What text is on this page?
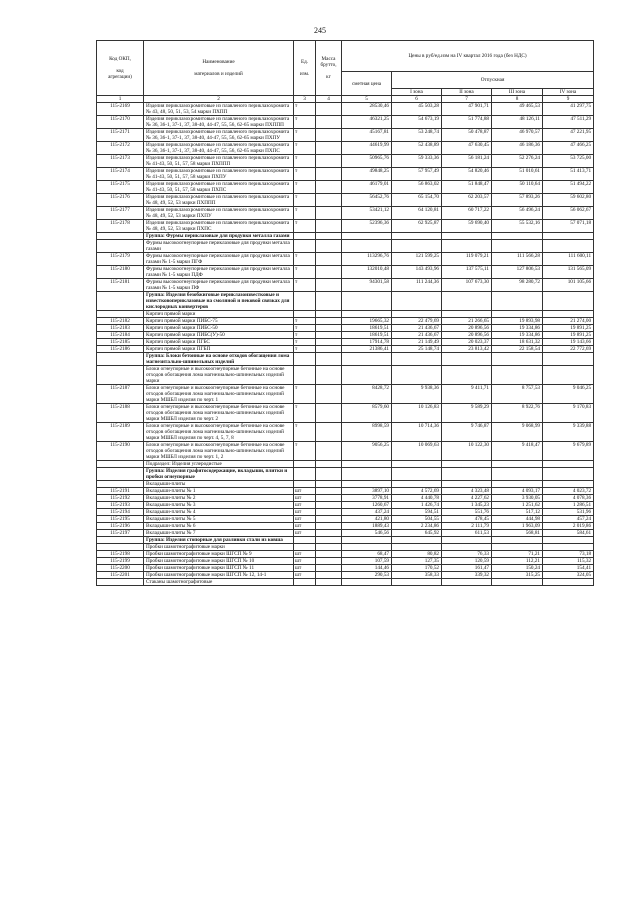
245
Код ОКП,

код
агрегации)	Наименование

материалов и изделий	Ед.

изм.	Масса
брутто,

кг	Цены в руб/ед.изм на IV квартал 2016 года (без НДС)				
				сметная цена	Отпускная			
					I зона	II зона	III зона	IV зона

1	2	3	4	5	6	7	8	9
115-2169	Изделия периклазохромитовые из плавленого периклазохромита № 43, 48, 50, 51, 53, 54 марки ПХПП	т		28530,46	45 503,28	47 901,71	49 465,53	41 297,75
115-2170	Изделия периклазохромитовые из плавленого периклазохромита № 36, 36-1, 37-1, 37, 38-40, 44-47, 55, 56, 62-65 марки ПХППП	т		46321,25	54 673,19	51 774,88	48 126,11	47 511,29
115-2171	Изделия периклазохромитовые из плавленого периклазохромита № 36, 36-1, 37-1, 37, 38-40, 44-47, 55, 56, 62-65 марки ПХПУ	т		45167,81	53 248,74	50 478,87	46 970,57	47 221,95
115-2172	Изделия периклазохромитовые из плавленого периклазохромита № 36, 36-1, 37-1, 37, 38-40, 44-47, 55, 56, 62-65 марки ПХПС	т		44619,99	52 438,89	47 630,45	46 186,36	47 466,25
115-2173	Изделия периклазохромитовые из плавленого периклазохромита № 41-43, 50, 51, 57, 58 марки ПХППП	т		50965,76	59 333,36	56 181,24	52 276,24	53 725,00
115-2174	Изделия периклазохромитовые из плавленого периклазохромита № 41-43, 50, 51, 57, 58 марки ПХПУ	т		49848,25	57 957,49	54 820,46	51 010,61	51 413,71
115-2175	Изделия периклазохромитовые из плавленого периклазохромита № 41-43, 50, 51, 57, 58 марки ПХПС	т		46179,01	56 863,02	51 848,47	50 110,64	51 494,22
115-2176	Изделия периклазохромитовые из плавленого периклазохромита № 48, 49, 52, 53 марки ПХППП	т		56452,76	65 154,70	62 203,57	57 893,26	59 602,80
115-2177	Изделия периклазохромитовые из плавленого периклазохромита № 48, 49, 52, 53 марки ПХПУ	т		53421,12	64 120,81	60 717,22	56 496,24	56 062,67
115-2178	Изделия периклазохромитовые из плавленого периклазохромита № 48, 49, 52, 53 марки ПХПС	т		52396,36	62 925,87	59 690,40	55 532,16	57 071,18
	Группа: Фурмы периклазовые для продувки металла газами							
	Фурмы высокоогнеупорные периклазовые для продувки металла газами							
115-2179	Фурмы высокоогнеупорные периклазовые для продувки металла газами № 1-5 марки ПГФ	т		113296,76	121 599,25	119 079,21	111 566,28	111 600,11
115-2180	Фурмы высокоогнеупорные периклазовые для продувки металла газами № 1-5 марки ПДФ	т		132010,48	143 493,96	137 575,11	127 806,53	131 565,09
115-2181	Фурмы высокоогнеупорные периклазовые для продувки металла газами № 1-5 марки ПФ	т		94301,58	111 244,36	107 673,30	98 280,72	101 105,66
	Группа: Изделия безобжиговые периклазоизвестковые и известковопериклазовые на смоляной и пековой связках для кислородных конвертеров							
	Кирпич прямой марки							
115-2182	Кирпич прямой марки ПИБС-75	т		19665,32	22 479,69	21 266,65	19 893,98	21 274,00
115-2183	Кирпич прямой марки ПИБС-50	т		18619,51	21 436,67	20 896,56	19 334,86	19 891,25
115-2184	Кирпич прямой марки ПИБС(У)-50	т		18619,51	21 436,67	20 896,56	19 334,86	19 891,25
115-2185	Кирпич прямой марки ПГБС	т		17914,78	21 149,49	20 023,37	18 631,32	19 143,66
115-2186	Кирпич прямой марки ПГБП	т		21386,41	25 148,74	23 813,42	22 158,54	22 772,69
	Группа: Блоки бетонные на основе отходов обогащения лома магнезитально-шпинельных изделий							
	Блоки огнеупорные и высокоогнеупорные бетонные на основе отходов обогащения лома магнезиально-шпинельных изделий марки							
115-2187	Блоки огнеупорные и высокоогнеупорные бетонные на основе отходов обогащения лома магнезиально-шпинельных изделий марки МШБЛ изделия по черт. 1	т		8428,72	9 938,36	9 411,71	8 757,53	9 046,25
115-2188	Блоки огнеупорные и высокоогнеупорные бетонные на основе отходов обогащения лома магнезиально-шпинельных изделий марки МШБЛ изделия по черт. 2	т		8579,60	10 126,83	9 589,29	8 922,76	9 170,83
115-2189	Блоки огнеупорные и высокоогнеупорные бетонные на основе отходов обогащения лома магнезиально-шпинельных изделий марки МШБЛ изделия по черт. 4, 5, 7, 8	т		8998,59	10 714,36	9 746,87	9 068,99	9 339,88
115-2190	Блоки огнеупорные и высокоогнеупорные бетонные на основе отходов обогащения лома магнезиально-шпинельных изделий марки МШБЛ изделия по черт. 1, 2	т		9056,25	10 069,63	10 122,30	9 418,47	9 679,89
	Подраздел: Изделия углеродистые							
	Группа: Изделия графитосодержащие, вкладыши, плитки и пробки огнеупорные							
	Вкладыши-плиты							
115-2191	Вкладыши-плиты № 1	шт		3897,10	4 572,69	4 323,48	4 093,17	4 023,72
115-2192	Вкладыши-плиты № 2	шт		3778,91	4 440,78	4 227,62	3 930,05	4 078,36
115-2193	Вкладыши-плиты № 3	шт		1260,67	1 426,74	1 345,23	1 251,62	1 286,51
115-2194	Вкладыши-плиты № 4	шт		437,24	594,51	551,76	517,12	531,96
115-2195	Вкладыши-плиты № 5	шт		421,80	504,55	478,45	444,98	457,24
115-2196	Вкладыши-плиты № 6	шт		1889,43	2 234,86	2 111,79	1 963,09	2 019,86
115-2197	Вкладыши-плиты № 7	шт		546,56	645,92	611,53	568,81	584,61
	Группа: Изделия стопорные для разливки стали из ковша							
	Пробки шамотнографитовые марки							
115-2198	Пробки шамотнографитовые марки ШГСП № 9	шт		68,47	80,82	76,33	71,21	73,18
115-2199	Пробки шамотнографитовые марки ШГСП № 10	шт		107,59	127,35	120,59	112,21	115,32
115-2200	Пробки шамотнографитовые марки ШГСП № 11	шт		144,46	170,52	161,47	150,24	154,41
115-2201	Пробки шамотнографитовые марки ШГСП № 12, 14-1	шт		290,53	358,33	339,32	315,25	324,05
	Стаканы шамотнографитовые							
